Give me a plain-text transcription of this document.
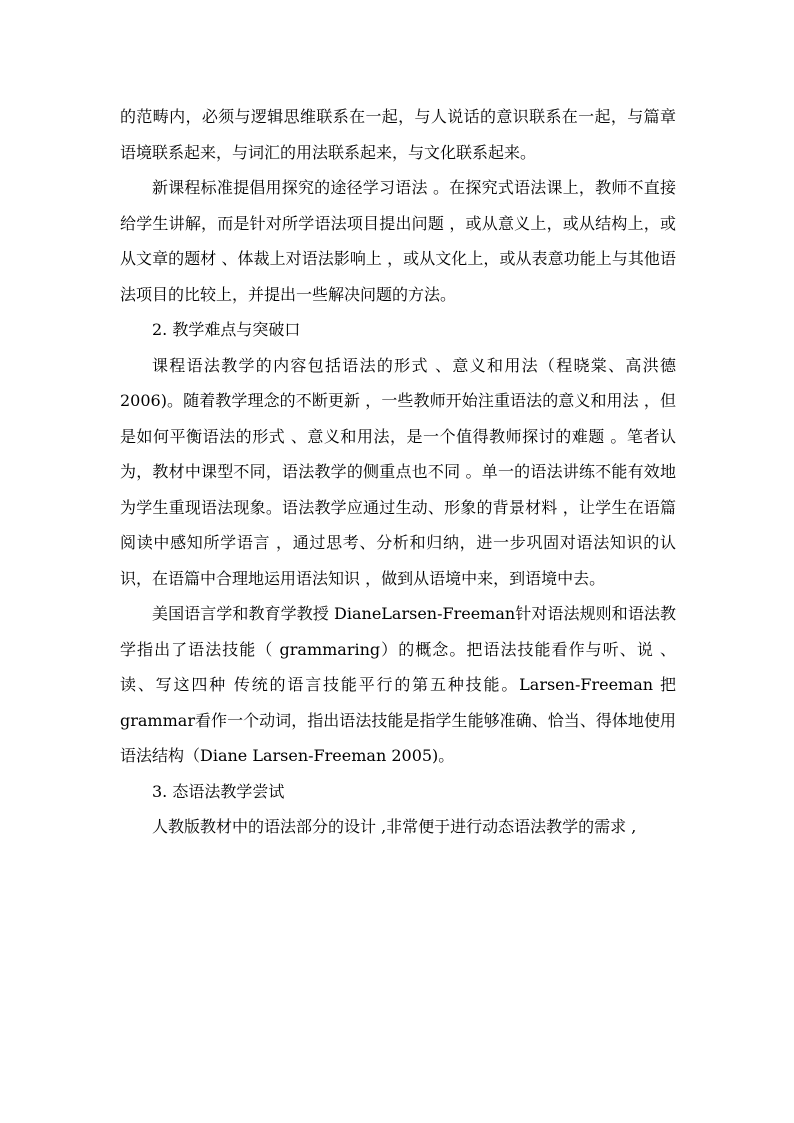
的范畴内，必须与逻辑思维联系在一起，与人说话的意识联系在一起，与篇章语境联系起来，与词汇的用法联系起来，与文化联系起来。

新课程标准提倡用探究的途径学习语法 。在探究式语法课上，教师不直接给学生讲解，而是针对所学语法项目提出问题 ，或从意义上，或从结构上，或从文章的题材 、体裁上对语法影响上 ，或从文化上，或从表意功能上与其他语法项目的比较上，并提出一些解决问题的方法。

2. 教学难点与突破口

课程语法教学的内容包括语法的形式 、意义和用法（程晓棠、高洪德2006)。随着教学理念的不断更新 ，一些教师开始注重语法的意义和用法 ，但是如何平衡语法的形式 、意义和用法，是一个值得教师探讨的难题 。笔者认为，教材中课型不同，语法教学的侧重点也不同 。单一的语法讲练不能有效地为学生重现语法现象。语法教学应通过生动、形象的背景材料 ，让学生在语篇阅读中感知所学语言 ，通过思考、分析和归纳，进一步巩固对语法知识的认识，在语篇中合理地运用语法知识 ，做到从语境中来，到语境中去。

美国语言学和教育学教授 DianeLarsen-Freeman针对语法规则和语法教学指出了语法技能（ grammaring）的概念。把语法技能看作与听、说 、读、写这四种 传统的语言技能平行的第五种技能。Larsen-Freeman 把grammar看作一个动词，指出语法技能是指学生能够准确、恰当、得体地使用语法结构（Diane Larsen-Freeman 2005)。

3. 态语法教学尝试

人教版教材中的语法部分的设计 ,非常便于进行动态语法教学的需求 ,
